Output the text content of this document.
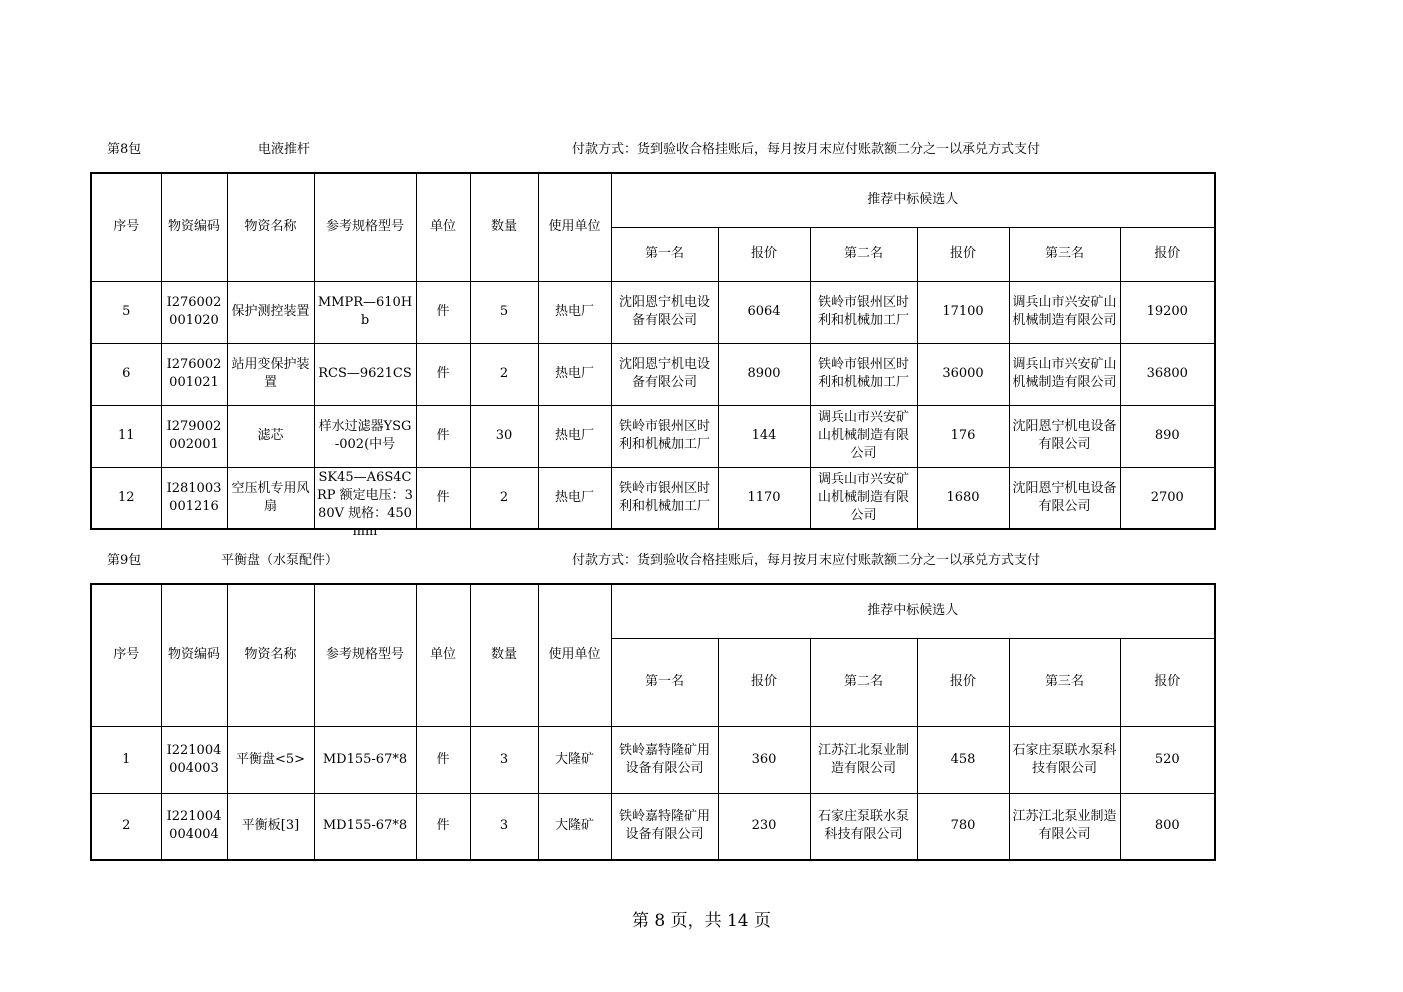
第8包	电液推杆	付款方式：货到验收合格挂账后，每月按月末应付账款额二分之一以承兑方式支付
序号	物资编码	物资名称	参考规格型号	单位	数量	使用单位	推荐中标候选人					
							第一名	报价	第二名	报价	第三名	报价
5	I276002001020	保护测控装置	MMPR—610Hb	件	5	热电厂	沈阳恩宁机电设备有限公司	6064	铁岭市银州区时利和机械加工厂	17100	调兵山市兴安矿山机械制造有限公司	19200
6	I276002001021	站用变保护装置	RCS—9621CS	件	2	热电厂	沈阳恩宁机电设备有限公司	8900	铁岭市银州区时利和机械加工厂	36000	调兵山市兴安矿山机械制造有限公司	36800
11	I279002002001	滤芯	样水过滤器YSG-002(中号	件	30	热电厂	铁岭市银州区时利和机械加工厂	144	调兵山市兴安矿山机械制造有限公司	176	沈阳恩宁机电设备有限公司	890
12	I281003001216	空压机专用风扇	SK45—A6S4CRP 额定电压：380V 规格：450mm	件	2	热电厂	铁岭市银州区时利和机械加工厂	1170	调兵山市兴安矿山机械制造有限公司	1680	沈阳恩宁机电设备有限公司	2700
第9包	平衡盘（水泵配件）	付款方式：货到验收合格挂账后，每月按月末应付账款额二分之一以承兑方式支付
序号	物资编码	物资名称	参考规格型号	单位	数量	使用单位	推荐中标候选人					
							第一名	报价	第二名	报价	第三名	报价
1	I221004004003	平衡盘<5>	MD155-67*8	件	3	大隆矿	铁岭嘉特隆矿用设备有限公司	360	江苏江北泵业制造有限公司	458	石家庄泵联水泵科技有限公司	520
2	I221004004004	平衡板[3]	MD155-67*8	件	3	大隆矿	铁岭嘉特隆矿用设备有限公司	230	石家庄泵联水泵科技有限公司	780	江苏江北泵业制造有限公司	800
第 8 页，共 14 页
